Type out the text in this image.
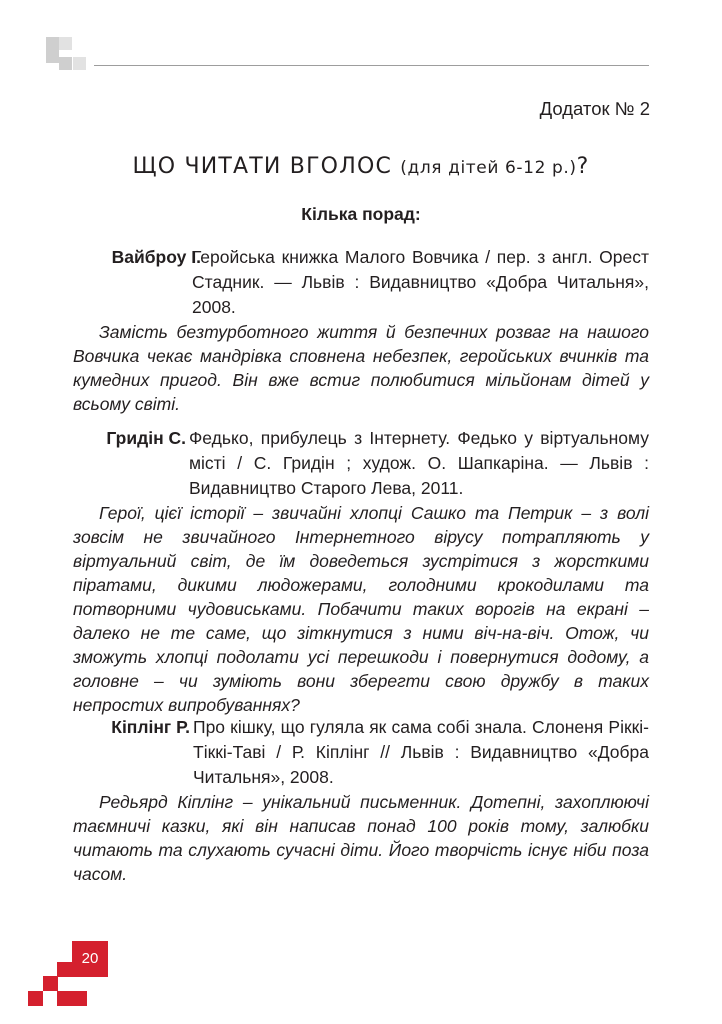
Додаток № 2
ЩО ЧИТАТИ ВГОЛОС (для дітей 6-12 р.)?
Кілька порад:
Вайброу І.
Геройська книжка Малого Вовчика / пер. з англ. Орест Стадник. — Львів : Видавництво «Добра Читальня», 2008.

Замість безтурботного життя й безпечних розваг на нашого Вовчика чекає мандрівка сповнена небезпек, геройських вчинків та кумедних пригод. Він вже встиг полюбитися мільйонам дітей у всьому світі.

Гридін С. Федько, прибулець з Інтернету. Федько у віртуальному місті / С. Гридін ; худож. О. Шапкаріна. — Львів : Видавництво Старого Лева, 2011.

Герої, цієї історії – звичайні хлопці Сашко та Петрик – з волі зовсім не звичайного Інтернетного вірусу потрапляють у віртуальний світ, де їм доведеться зустрітися з жорсткими піратами, дикими людожерами, голодними крокодилами та потворними чудовиськами. Побачити таких ворогів на екрані – далеко не те саме, що зіткнутися з ними віч-на-віч. Отож, чи зможуть хлопці подолати усі перешкоди і повернутися додому, а головне – чи зуміють вони зберегти свою дружбу в таких непростих випробуваннях?

Кіплінг Р. Про кішку, що гуляла як сама собі знала. Слоненя Ріккі-Тіккі-Таві / Р. Кіплінг // Львів : Видавництво «Добра Читальня», 2008.

Редьярд Кіплінг – унікальний письменник. Дотепні, захоплюючі таємничі казки, які він написав понад 100 років тому, залюбки читають та слухають сучасні діти. Його творчість існує ніби поза часом.

20
